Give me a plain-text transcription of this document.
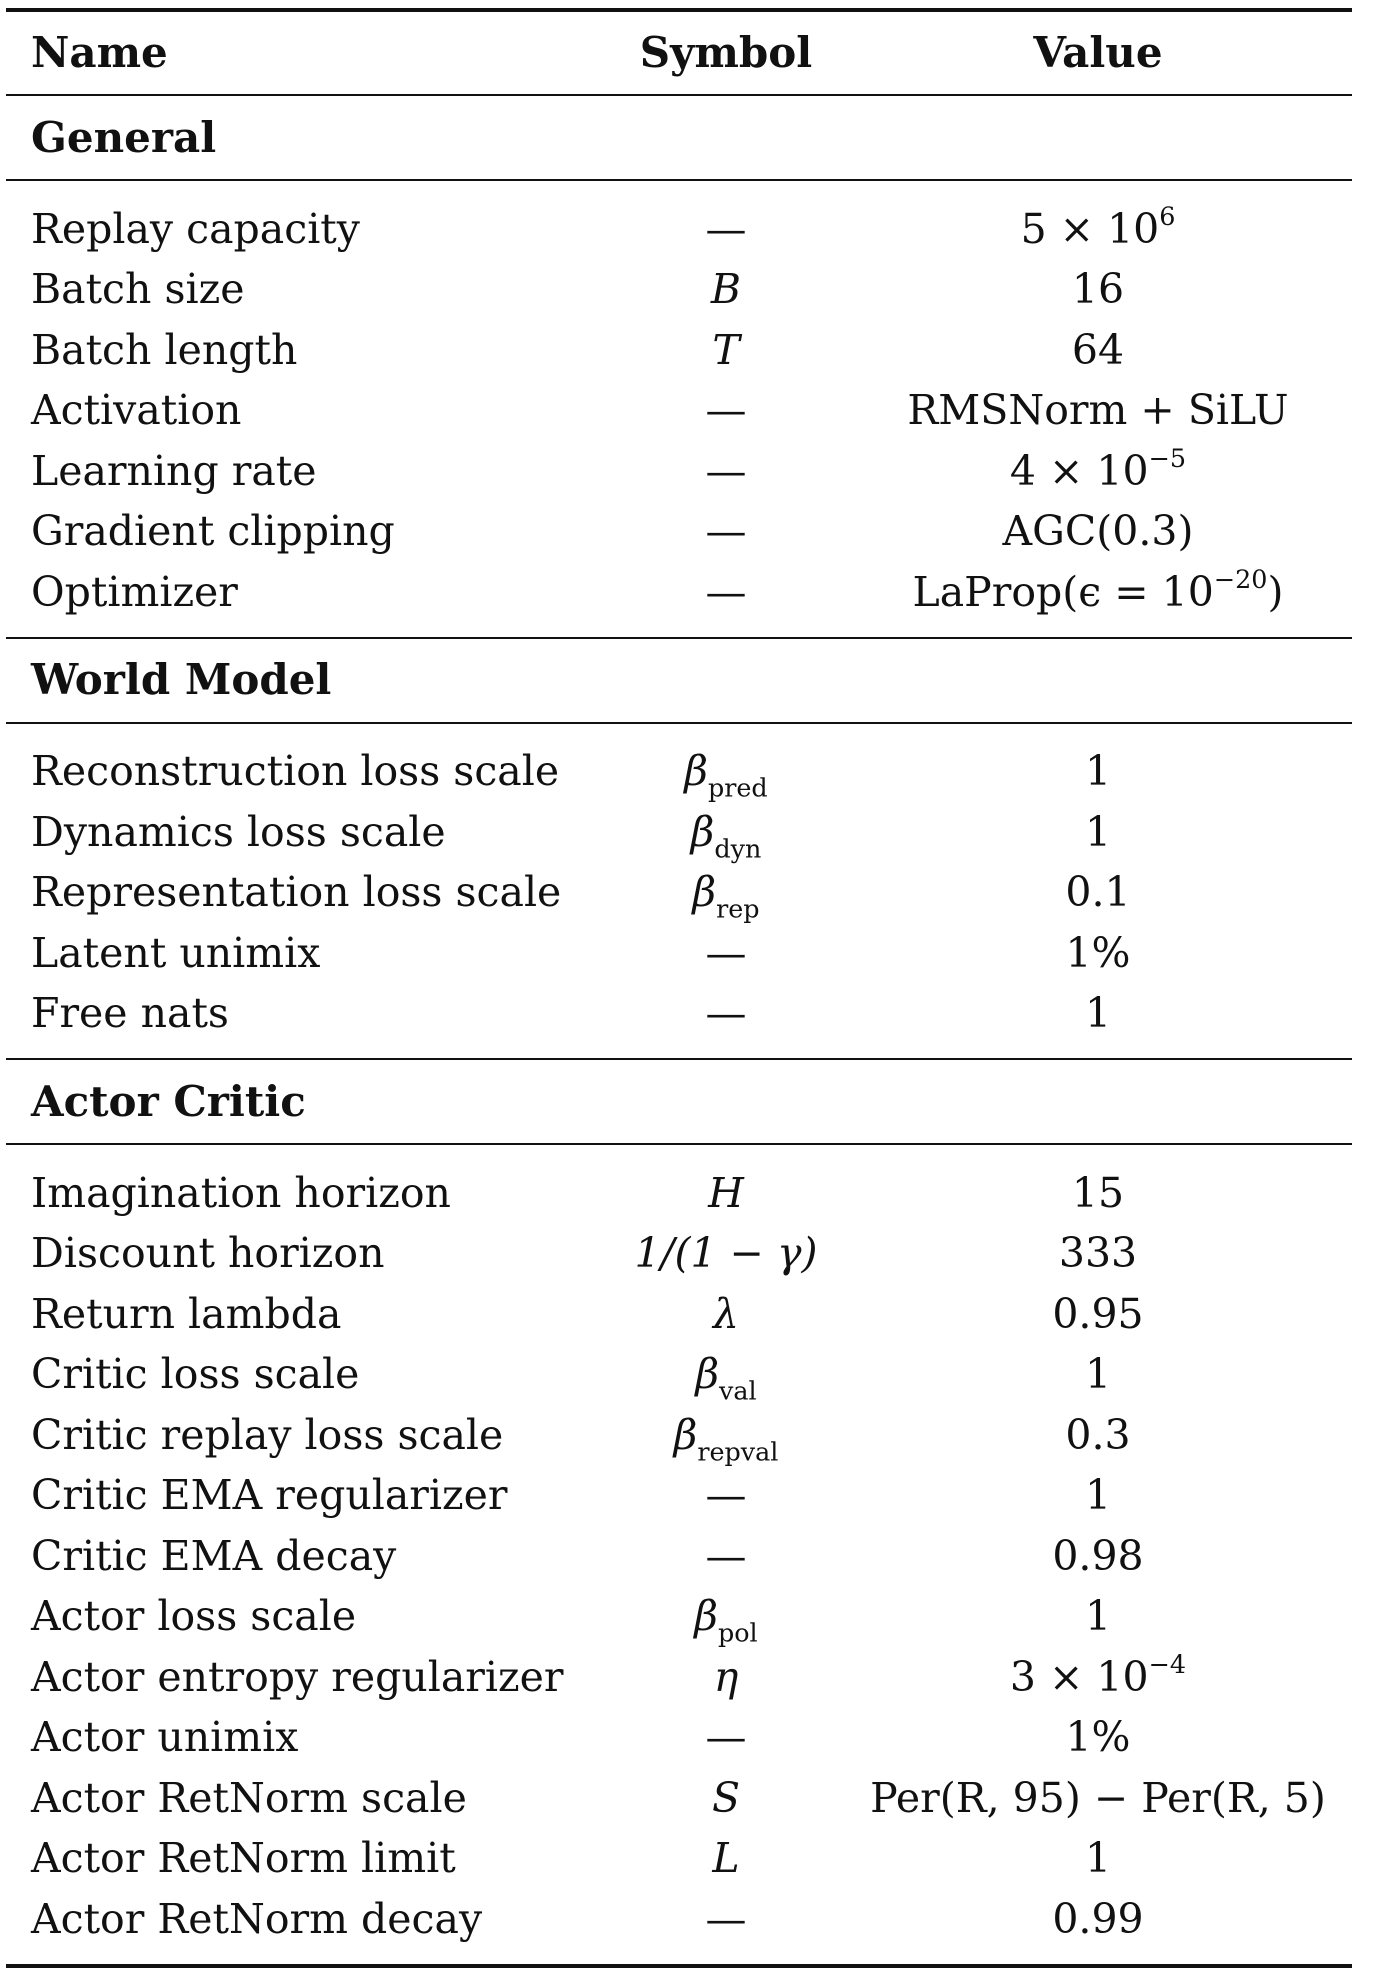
Name	Symbol	Value
General
Replay capacity	—	$5 \times 10^6$
Batch size	B	16
Batch length	T	64
Activation	—	RMSNorm + SiLU
Learning rate	—	$4 \times 10^{-5}$
Gradient clipping	—	AGC(0.3)
Optimizer	—	LaProp(ϵ = $10^{-20}$)
World Model
Reconstruction loss scale	$\beta_{pred}$	1
Dynamics loss scale	$\beta_{dyn}$	1
Representation loss scale	$\beta_{rep}$	0.1
Latent unimix	—	1%
Free nats	—	1
Actor Critic
Imagination horizon	H	15
Discount horizon	1/(1 − γ)	333
Return lambda	λ	0.95
Critic loss scale	$\beta_{val}$	1
Critic replay loss scale	$\beta_{repval}$	0.3
Critic EMA regularizer	—	1
Critic EMA decay	—	0.98
Actor loss scale	$\beta_{pol}$	1
Actor entropy regularizer	η	$3 \times 10^{-4}$
Actor unimix	—	1%
Actor RetNorm scale	S	Per(R, 95) − Per(R, 5)
Actor RetNorm limit	L	1
Actor RetNorm decay	—	0.99
